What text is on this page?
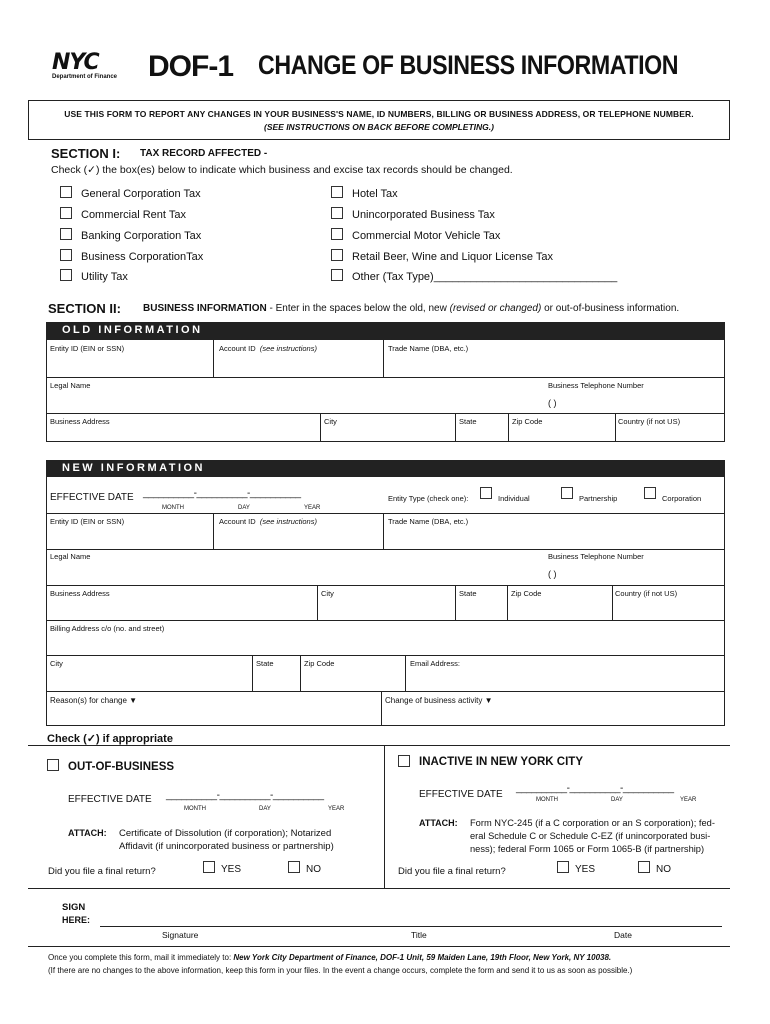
NYC
Department of Finance DOF-1 CHANGE OF BUSINESS INFORMATION
USE THIS FORM TO REPORT ANY CHANGES IN YOUR BUSINESS'S NAME, ID NUMBERS, BILLING OR BUSINESS ADDRESS, OR TELEPHONE NUMBER.
(SEE INSTRUCTIONS ON BACK BEFORE COMPLETING.)
SECTION I: TAX RECORD AFFECTED -
Check (✓) the box(es) below to indicate which business and excise tax records should be changed.
General Corporation Tax
Commercial Rent Tax
Banking Corporation Tax
Business CorporationTax
Utility Tax
Hotel Tax
Unincorporated Business Tax
Commercial Motor Vehicle Tax
Retail Beer, Wine and Liquor License Tax
Other (Tax Type)______________________________
SECTION II: BUSINESS INFORMATION - Enter in the spaces below the old, new (revised or changed) or out-of-business information.
OLD INFORMATION
Entity ID (EIN or SSN)	Account ID (see instructions)	Trade Name (DBA, etc.)
Legal Name	Business Telephone Number
( )
Business Address	City	State	Zip Code	Country (if not US)
NEW INFORMATION
EFFECTIVE DATE __________-__________-__________
MONTH	DAY	YEAR
Entity Type (check one):	Individual	Partnership	Corporation
Entity ID (EIN or SSN)	Account ID (see instructions)	Trade Name (DBA, etc.)
Legal Name	Business Telephone Number
( )
Business Address	City	State	Zip Code	Country (if not US)
Billing Address c/o (no. and street)
City	State	Zip Code	Email Address:
Reason(s) for change ▼	Change of business activity ▼
Check (✓) if appropriate
OUT-OF-BUSINESS
EFFECTIVE DATE __________-__________-__________
MONTH	DAY	YEAR
ATTACH: Certificate of Dissolution (if corporation); Notarized
Affidavit (if unincorporated business or partnership)
Did you file a final return?	YES	NO
INACTIVE IN NEW YORK CITY
EFFECTIVE DATE
__________-__________-__________
MONTH	DAY	YEAR
ATTACH: Form NYC-245 (if a C corporation or an S corporation); fed-
eral Schedule C or Schedule C-EZ (if unincorporated busi-
ness); federal Form 1065 or Form 1065-B (if partnership)
Did you file a final return?	YES	NO
SIGN
HERE:
Signature	Title	Date
Once you complete this form, mail it immediately to: New York City Department of Finance, DOF-1 Unit, 59 Maiden Lane, 19th Floor, New York, NY 10038.
(If there are no changes to the above information, keep this form in your files. In the event a change occurs, complete the form and send it to us as soon as possible.)
